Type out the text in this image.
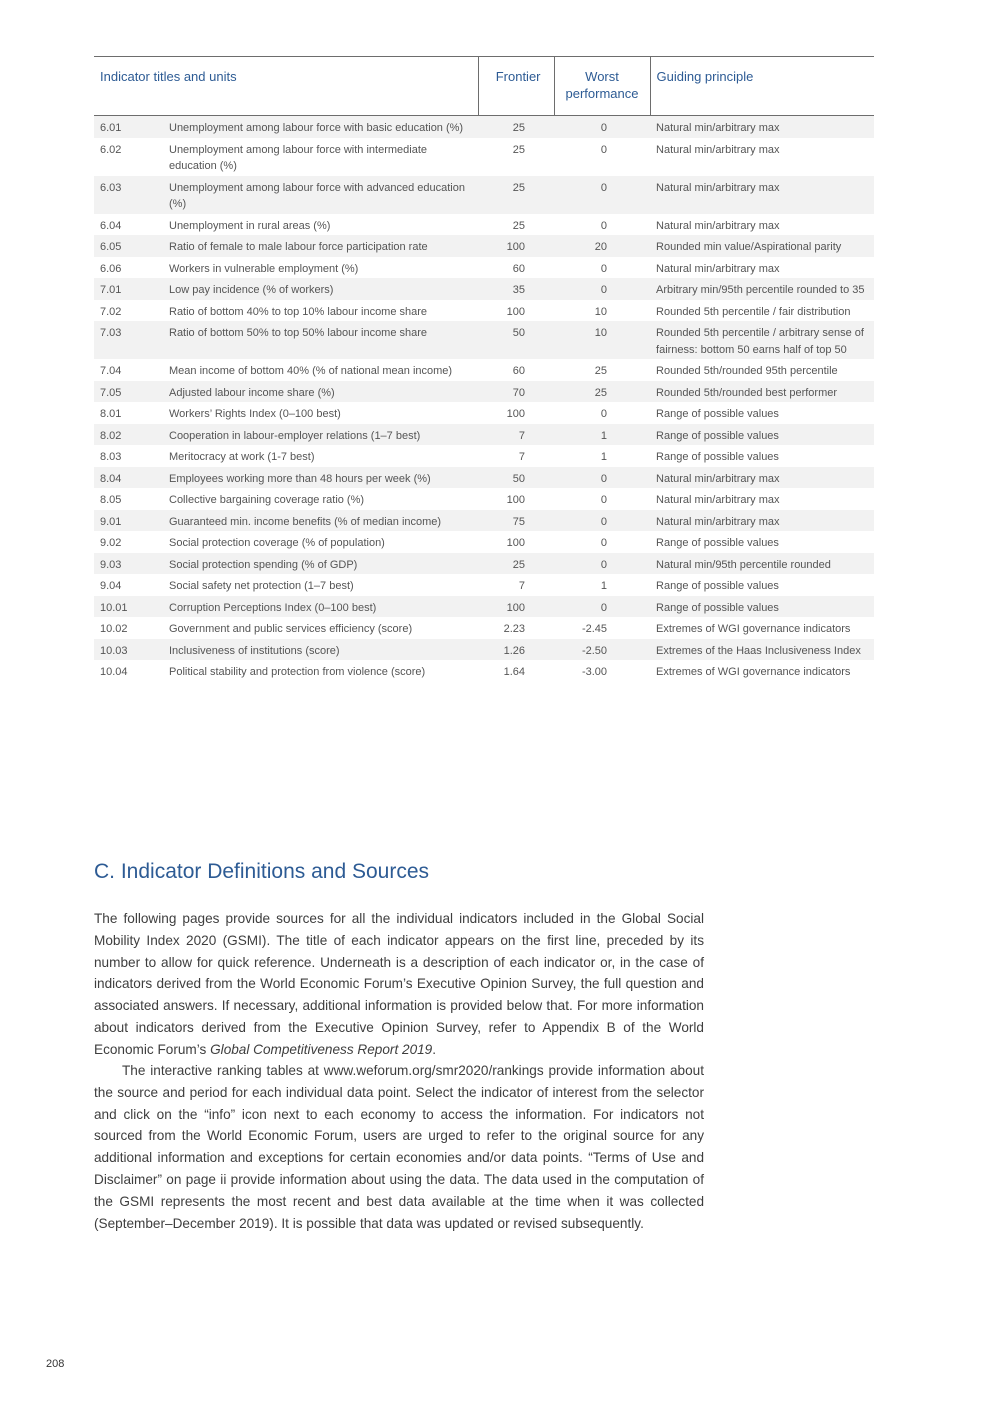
Indicator titles and units		Frontier	Worst performance	Guiding principle
6.01	Unemployment among labour force with basic education (%)	25	0	Natural min/arbitrary max
6.02	Unemployment among labour force with intermediate education (%)	25	0	Natural min/arbitrary max
6.03	Unemployment among labour force with advanced education (%)	25	0	Natural min/arbitrary max
6.04	Unemployment in rural areas (%)	25	0	Natural min/arbitrary max
6.05	Ratio of female to male labour force participation rate	100	20	Rounded min value/Aspirational parity
6.06	Workers in vulnerable employment (%)	60	0	Natural min/arbitrary max
7.01	Low pay incidence (% of workers)	35	0	Arbitrary min/95th percentile rounded to 35
7.02	Ratio of bottom 40% to top 10% labour income share	100	10	Rounded 5th percentile / fair distribution
7.03	Ratio of bottom 50% to top 50% labour income share	50	10	Rounded 5th percentile / arbitrary sense of fairness: bottom 50 earns half of top 50
7.04	Mean income of bottom 40% (% of national mean income)	60	25	Rounded 5th/rounded 95th percentile
7.05	Adjusted labour income share (%)	70	25	Rounded 5th/rounded best performer
8.01	Workers’ Rights Index (0–100 best)	100	0	Range of possible values
8.02	Cooperation in labour-employer relations (1–7 best)	7	1	Range of possible values
8.03	Meritocracy at work (1-7 best)	7	1	Range of possible values
8.04	Employees working more than 48 hours per week (%)	50	0	Natural min/arbitrary max
8.05	Collective bargaining coverage ratio (%)	100	0	Natural min/arbitrary max
9.01	Guaranteed min. income benefits (% of median income)	75	0	Natural min/arbitrary max
9.02	Social protection coverage (% of population)	100	0	Range of possible values
9.03	Social protection spending (% of GDP)	25	0	Natural min/95th percentile rounded
9.04	Social safety net protection (1–7 best)	7	1	Range of possible values
10.01	Corruption Perceptions Index (0–100 best)	100	0	Range of possible values
10.02	Government and public services efficiency (score)	2.23	-2.45	Extremes of WGI governance indicators
10.03	Inclusiveness of institutions (score)	1.26	-2.50	Extremes of the Haas Inclusiveness Index
10.04	Political stability and protection from violence (score)	1.64	-3.00	Extremes of WGI governance indicators
C. Indicator Definitions and Sources

The following pages provide sources for all the individual indicators included in the Global Social Mobility Index 2020 (GSMI). The title of each indicator appears on the first line, preceded by its number to allow for quick reference. Underneath is a description of each indicator or, in the case of indicators derived from the World Economic Forum’s Executive Opinion Survey, the full question and associated answers. If necessary, additional information is provided below that. For more information about indicators derived from the Executive Opinion Survey, refer to Appendix B of the World Economic Forum’s Global Competitiveness Report 2019.

The interactive ranking tables at www.weforum.org/smr2020/rankings provide information about the source and period for each individual data point. Select the indicator of interest from the selector and click on the “info” icon next to each economy to access the information. For indicators not sourced from the World Economic Forum, users are urged to refer to the original source for any additional information and exceptions for certain economies and/or data points. “Terms of Use and Disclaimer” on page ii provide information about using the data. The data used in the computation of the GSMI represents the most recent and best data available at the time when it was collected (September–December 2019). It is possible that data was updated or revised subsequently.

208
